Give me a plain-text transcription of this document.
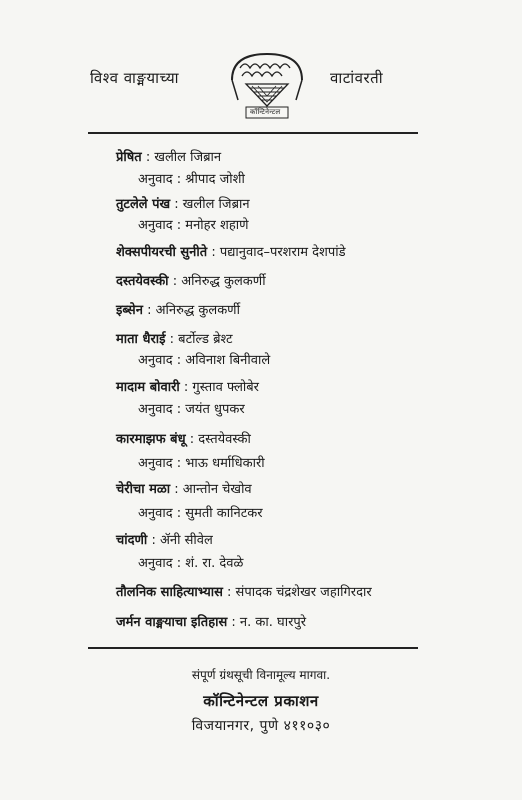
विश्व वाङ्मयाच्या
कॉन्टिनेन्टल
वाटांवरती
प्रेषित : खलील जिब्रान
अनुवाद : श्रीपाद जोशी
तुटलेले पंख : खलील जिब्रान
अनुवाद : मनोहर शहाणे
शेक्सपीयरची सुनीते : पद्यानुवाद–परशराम देशपांडे
दस्तयेवस्की : अनिरुद्ध कुलकर्णी
इब्सेन : अनिरुद्ध कुलकर्णी
माता धैराई : बर्टोल्ड ब्रेश्ट
अनुवाद : अविनाश बिनीवाले
मादाम बोवारी : गुस्ताव फ्लोबेर
अनुवाद : जयंत धुपकर
कारमाझफ बंधू : दस्तयेवस्की
अनुवाद : भाऊ धर्माधिकारी
चेरीचा मळा : आन्तोन चेखोव
अनुवाद : सुमती कानिटकर
चांदणी : ॲनी सीवेल
अनुवाद : शं. रा. देवळे
तौलनिक साहित्याभ्यास : संपादक चंद्रशेखर जहागिरदार
जर्मन वाङ्मयाचा इतिहास : न. का. घारपुरे
संपूर्ण ग्रंथसूची विनामूल्य मागवा.
कॉन्टिनेन्टल प्रकाशन
विजयानगर, पुणे ४११०३०
